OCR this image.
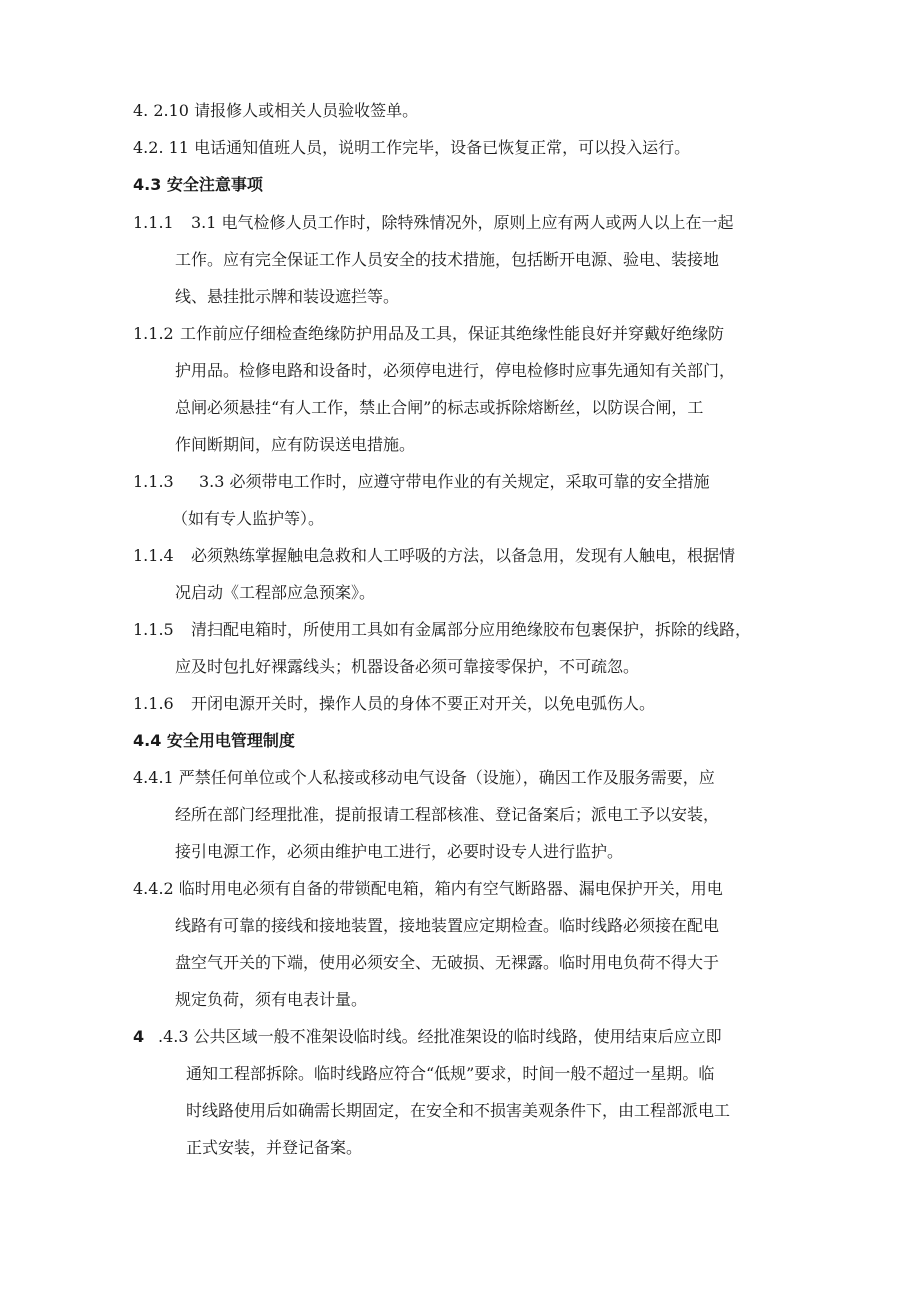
4. 2.10 请报修人或相关人员验收签单。
4.2. 11 电话通知值班人员，说明工作完毕，设备已恢复正常，可以投入运行。
4.3 安全注意事项
1.1.1 3.1 电气检修人员工作时，除特殊情况外，原则上应有两人或两人以上在一起
工作。应有完全保证工作人员安全的技术措施，包括断开电源、验电、装接地
线、悬挂批示牌和装设遮拦等。
1.1.2 工作前应仔细检查绝缘防护用品及工具，保证其绝缘性能良好并穿戴好绝缘防
护用品。检修电路和设备时，必须停电进行，停电检修时应事先通知有关部门，
总闸必须悬挂“有人工作，禁止合闸”的标志或拆除熔断丝，以防误合闸，工
作间断期间，应有防误送电措施。
1.1.3 3.3 必须带电工作时，应遵守带电作业的有关规定，采取可靠的安全措施
（如有专人监护等）。
1.1.4 必须熟练掌握触电急救和人工呼吸的方法，以备急用，发现有人触电，根据情
况启动《工程部应急预案》。
1.1.5 清扫配电箱时，所使用工具如有金属部分应用绝缘胶布包裹保护，拆除的线路，
应及时包扎好裸露线头；机器设备必须可靠接零保护，不可疏忽。
1.1.6 开闭电源开关时，操作人员的身体不要正对开关，以免电弧伤人。
4.4 安全用电管理制度
4.4.1 严禁任何单位或个人私接或移动电气设备（设施），确因工作及服务需要，应
经所在部门经理批准，提前报请工程部核准、登记备案后；派电工予以安装，
接引电源工作，必须由维护电工进行，必要时设专人进行监护。
4.4.2 临时用电必须有自备的带锁配电箱，箱内有空气断路器、漏电保护开关，用电
线路有可靠的接线和接地装置，接地装置应定期检查。临时线路必须接在配电
盘空气开关的下端，使用必须安全、无破损、无裸露。临时用电负荷不得大于
规定负荷，须有电表计量。
4 .4.3 公共区域一般不准架设临时线。经批准架设的临时线路，使用结束后应立即
通知工程部拆除。临时线路应符合“低规”要求，时间一般不超过一星期。临
时线路使用后如确需长期固定，在安全和不损害美观条件下，由工程部派电工
正式安装，并登记备案。
